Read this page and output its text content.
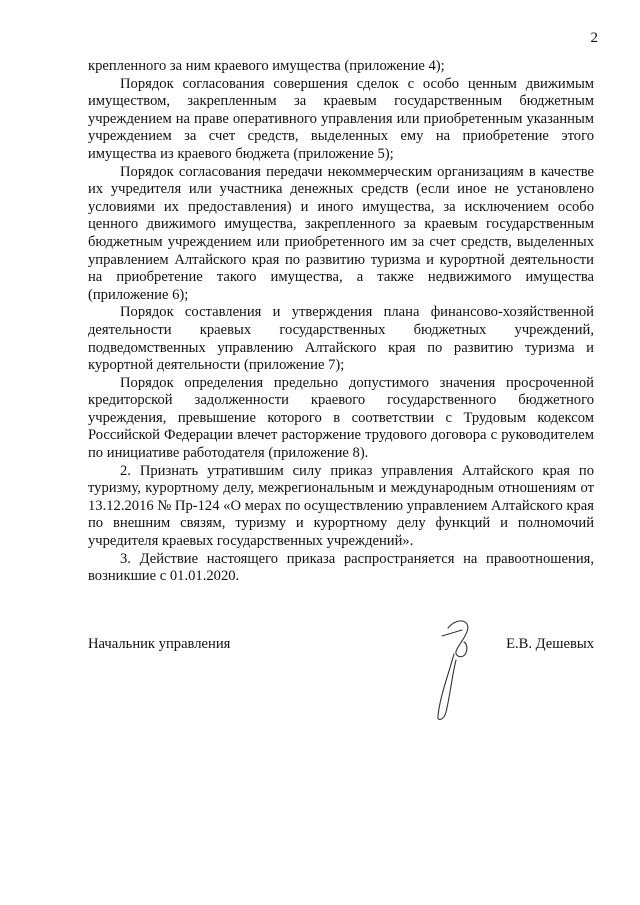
2

крепленного за ним краевого имущества (приложение 4);

Порядок согласования совершения сделок с особо ценным движимым имуществом, закрепленным за краевым государственным бюджетным учреждением на праве оперативного управления или приобретенным указанным учреждением за счет средств, выделенных ему на приобретение этого имущества из краевого бюджета (приложение 5);

Порядок согласования передачи некоммерческим организациям в качестве их учредителя или участника денежных средств (если иное не установлено условиями их предоставления) и иного имущества, за исключением особо ценного движимого имущества, закрепленного за краевым государственным бюджетным учреждением или приобретенного им за счет средств, выделенных управлением Алтайского края по развитию туризма и курортной деятельности на приобретение такого имущества, а также недвижимого имущества (приложение 6);

Порядок составления и утверждения плана финансово-хозяйственной деятельности краевых государственных бюджетных учреждений, подведомственных управлению Алтайского края по развитию туризма и курортной деятельности (приложение 7);

Порядок определения предельно допустимого значения просроченной кредиторской задолженности краевого государственного бюджетного учреждения, превышение которого в соответствии с Трудовым кодексом Российской Федерации влечет расторжение трудового договора с руководителем по инициативе работодателя (приложение 8).

2. Признать утратившим силу приказ управления Алтайского края по туризму, курортному делу, межрегиональным и международным отношениям от 13.12.2016 № Пр-124 «О мерах по осуществлению управлением Алтайского края по внешним связям, туризму и курортному делу функций и полномочий учредителя краевых государственных учреждений».

3. Действие настоящего приказа распространяется на правоотношения, возникшие с 01.01.2020.

Начальник управления	Е.В. Дешевых
